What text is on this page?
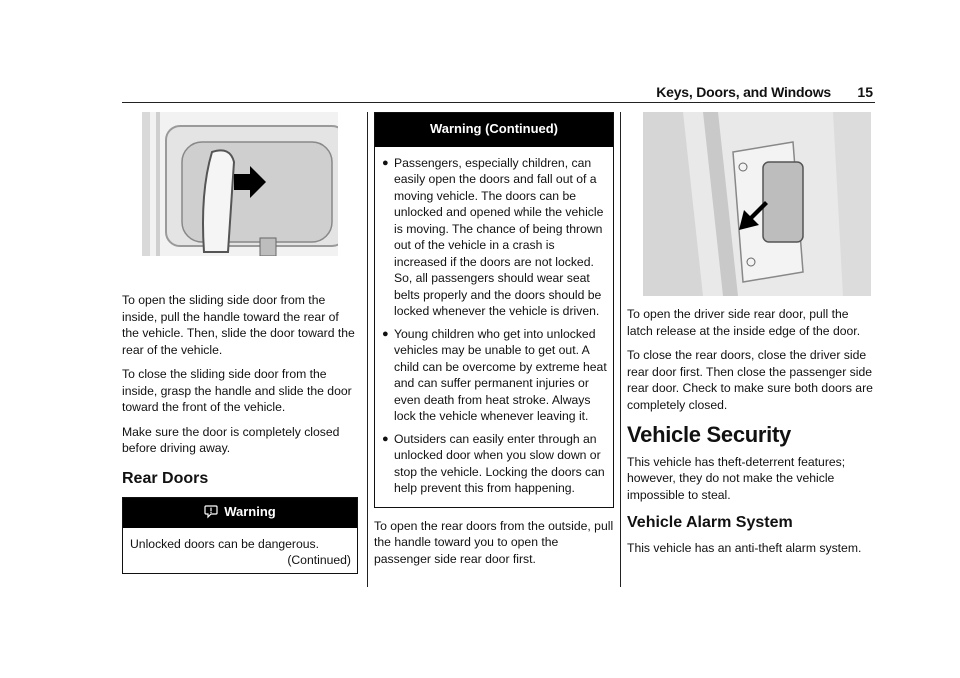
Keys, Doors, and Windows 15

To open the sliding side door from the inside, pull the handle toward the rear of the vehicle. Then, slide the door toward the rear of the vehicle.

To close the sliding side door from the inside, grasp the handle and slide the door toward the front of the vehicle.

Make sure the door is completely closed before driving away.

Rear Doors
Warning
Unlocked doors can be dangerous.
(Continued)
Warning (Continued)
● Passengers, especially children, can easily open the doors and fall out of a moving vehicle. The doors can be unlocked and opened while the vehicle is moving. The chance of being thrown out of the vehicle in a crash is increased if the doors are not locked. So, all passengers should wear seat belts properly and the doors should be locked whenever the vehicle is driven.
● Young children who get into unlocked vehicles may be unable to get out. A child can be overcome by extreme heat and can suffer permanent injuries or even death from heat stroke. Always lock the vehicle whenever leaving it.
● Outsiders can easily enter through an unlocked door when you slow down or stop the vehicle. Locking the doors can help prevent this from happening.

To open the rear doors from the outside, pull the handle toward you to open the passenger side rear door first.

To open the driver side rear door, pull the latch release at the inside edge of the door.

To close the rear doors, close the driver side rear door first. Then close the passenger side rear door. Check to make sure both doors are completely closed.

Vehicle Security

This vehicle has theft-deterrent features; however, they do not make the vehicle impossible to steal.

Vehicle Alarm System

This vehicle has an anti-theft alarm system.
